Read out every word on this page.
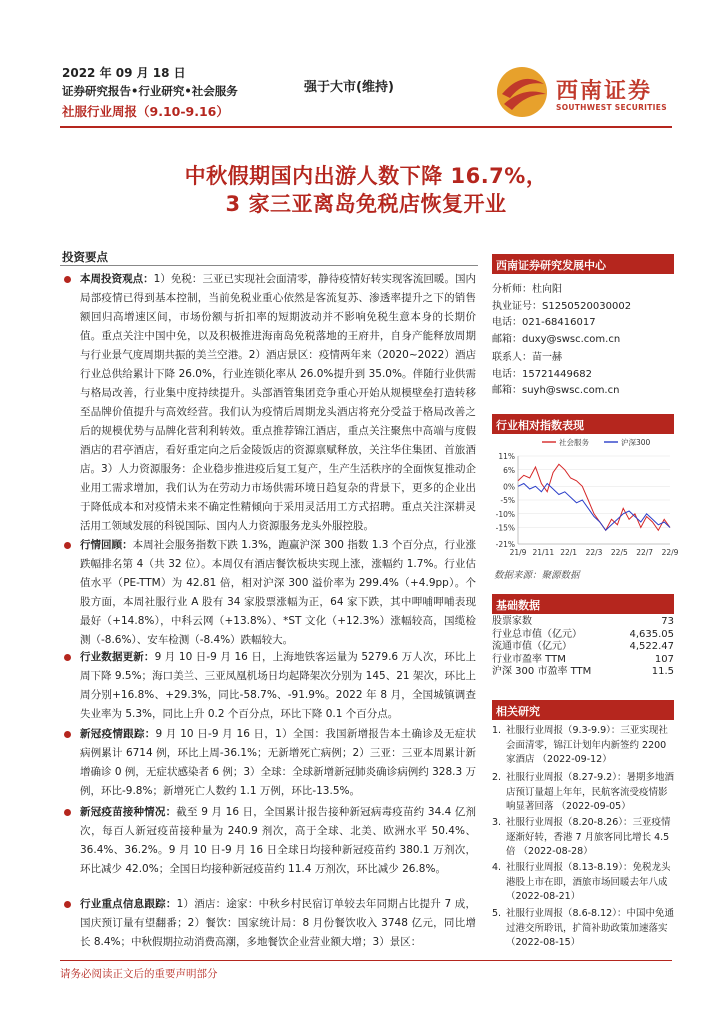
2022 年 09 月 18 日
证券研究报告•行业研究•社会服务
社服行业周报（9.10-9.16）
强于大市(维持)	西南证券
SOUTHWEST SECURITIES
中秋假期国内出游人数下降 16.7%，
3 家三亚离岛免税店恢复开业
投资要点
本周投资观点：1）免税：三亚已实现社会面清零，静待疫情好转实现客流回暖。国内局部疫情已得到基本控制，当前免税业重心依然是客流复苏、渗透率提升之下的销售额回归高增速区间，市场份额与折扣率的短期波动并不影响免税生意本身的长期价值。重点关注中国中免，以及积极推进海南岛免税落地的王府井，自身产能释放周期与行业景气度周期共振的美兰空港。2）酒店景区：疫情两年来（2020~2022）酒店行业总供给累计下降 26.0%，行业连锁化率从 26.0%提升到 35.0%。伴随行业供需与格局改善，行业集中度持续提升。头部酒管集团竞争重心开始从规模壁垒打造转移至品牌价值提升与高效经营。我们认为疫情后周期龙头酒店将充分受益于格局改善之后的规模优势与品牌化营利利转效。重点推荐锦江酒店，重点关注聚焦中高端与度假酒店的君亭酒店，看好重定向之后金陵饭店的资源禀赋释放，关注华住集团、首旅酒店。3）人力资源服务：企业稳步推进疫后复工复产，生产生活秩序的全面恢复推动企业用工需求增加，我们认为在劳动力市场供需环境日趋复杂的背景下，更多的企业出于降低成本和对疫情未来不确定性精倾向于采用灵活用工方式招聘。重点关注深耕灵活用工领域发展的科锐国际、国内人力资源服务龙头外服控股。
行情回顾：本周社会服务指数下跌 1.3%，跑赢沪深 300 指数 1.3 个百分点，行业涨跌幅排名第 4（共 32 位）。本周仅有酒店餐饮板块实现上涨，涨幅约 1.7%。行业估值水平（PE-TTM）为 42.81 倍，相对沪深 300 溢价率为 299.4%（+4.9pp）。个股方面，本周社服行业 A 股有 34 家股票涨幅为正，64 家下跌，其中呷哺呷哺表现最好（+14.8%），中科云网（+13.8%）、*ST 文化（+12.3%）涨幅较高，国缆检测（-8.6%）、安车检测（-8.4%）跌幅较大。
行业数据更新：9 月 10 日-9 月 16 日，上海地铁客运量为 5279.6 万人次，环比上周下降 9.5%；海口美兰、三亚凤凰机场日均起降架次分别为 145、21 架次，环比上周分别+16.8%、+29.3%，同比-58.7%、-91.9%。2022 年 8 月，全国城镇调查失业率为 5.3%，同比上升 0.2 个百分点，环比下降 0.1 个百分点。
新冠疫情跟踪：9 月 10 日-9 月 16 日，1）全国：我国新增报告本土确诊及无症状病例累计 6714 例，环比上周-36.1%；无新增死亡病例；2）三亚：三亚本周累计新增确诊 0 例，无症状感染者 6 例；3）全球：全球新增新冠肺炎确诊病例约 328.3 万例，环比-9.8%；新增死亡人数约 1.1 万例，环比-13.5%。
新冠疫苗接种情况：截至 9 月 16 日，全国累计报告接种新冠病毒疫苗约 34.4 亿剂次，每百人新冠疫苗接种量为 240.9 剂次，高于全球、北美、欧洲水平 50.4%、36.4%、36.2%。9 月 10 日-9 月 16 日全球日均接种新冠疫苗约 380.1 万剂次，环比减少 42.0%；全国日均接种新冠疫苗约 11.4 万剂次，环比减少 26.8%。
行业重点信息跟踪：1）酒店：途家：中秋乡村民宿订单较去年同期占比提升 7 成，国庆预订量有望翻番；2）餐饮：国家统计局：8 月份餐饮收入 3748 亿元，同比增长 8.4%；中秋假期拉动消费高潮，多地餐饮企业营业额大增；3）景区：
西南证券研究发展中心
分析师：杜向阳
执业证号：S1250520030002
电话：021-68416017
邮箱：duxy@swsc.com.cn
联系人：苗一赫
电话：15721449682
邮箱：suyh@swsc.com.cn
行业相对指数表现
11%
6%
0%
-5%
-10%
-15%
-21%
21/9 21/11 22/1 22/3 22/5 22/7 22/9
社会服务	沪深300
数据来源：聚源数据
基础数据
股票家数	73
行业总市值（亿元）	4,635.05
流通市值（亿元）	4,522.47
行业市盈率 TTM	107
沪深 300 市盈率 TTM	11.5
相关研究
1. 社服行业周报（9.3-9.9）：三亚实现社会面清零，锦江计划年内新签约 2200 家酒店 （2022-09-12）
2. 社服行业周报（8.27-9.2）：暑期多地酒店预订量超上年年，民航客流受疫情影响显著回落 （2022-09-05）
3. 社服行业周报（8.20-8.26）：三亚疫情逐渐好转，香港 7 月旅客同比增长 4.5 倍 （2022-08-28）
4. 社服行业周报（8.13-8.19）：免税龙头港股上市在即，酒旅市场回暖去年八成 （2022-08-21）
5. 社服行业周报（8.6-8.12）：中国中免通过港交所聆讯，扩简补助政策加速落实 （2022-08-15）
请务必阅读正文后的重要声明部分
